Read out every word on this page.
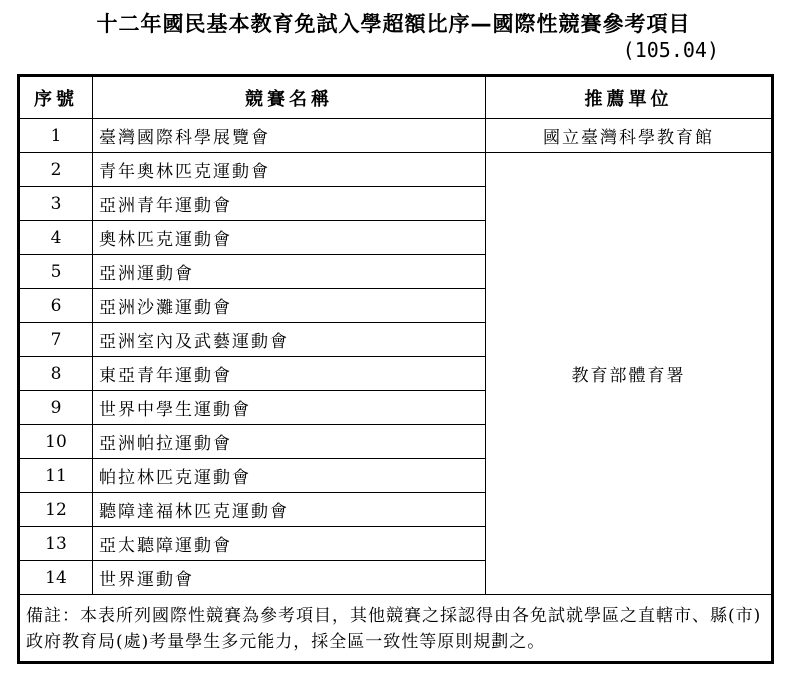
十二年國民基本教育免試入學超額比序—國際性競賽參考項目
(105.04)
序號	競賽名稱	推薦單位
1	臺灣國際科學展覽會	國立臺灣科學教育館
2	青年奧林匹克運動會	教育部體育署
3	亞洲青年運動會	
4	奧林匹克運動會	
5	亞洲運動會	
6	亞洲沙灘運動會	
7	亞洲室內及武藝運動會	
8	東亞青年運動會	
9	世界中學生運動會	
10	亞洲帕拉運動會	
11	帕拉林匹克運動會	
12	聽障達福林匹克運動會	
13	亞太聽障運動會	
14	世界運動會	
備註：本表所列國際性競賽為參考項目，其他競賽之採認得由各免試就學區之直轄市、縣(市)政府教育局(處)考量學生多元能力，採全區一致性等原則規劃之。		
